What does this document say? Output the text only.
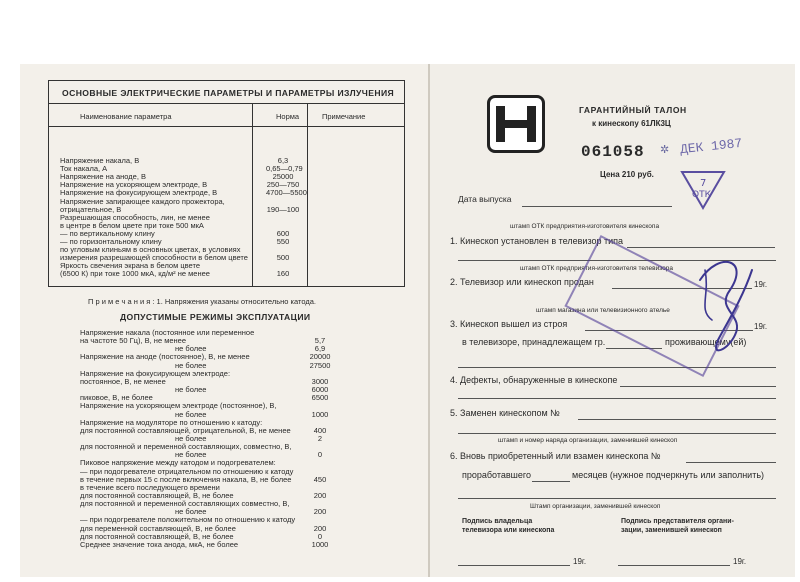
ОСНОВНЫЕ ЭЛЕКТРИЧЕСКИЕ ПАРАМЕТРЫ И ПАРАМЕТРЫ ИЗЛУЧЕНИЯ
Наименование параметра	Норма	Примечание
Напряжение накала, В	6,3
Ток накала, А	0,65—0,79
Напряжение на аноде, В	25000
Напряжение на ускоряющем электроде, В	250—750
Напряжение на фокусирующем электроде, В	4700—5500
Напряжение запирающее каждого прожектора,
отрицательное, В	190—100
Разрешающая способность, лин, не менее
в центре в белом цвете при токе 500 мкА
— по вертикальному клину	600
— по горизонтальному клину	550
по угловым клиньям в основных цветах, в условиях
измерения разрешающей способности в белом цвете	500
Яркость свечения экрана в белом цвете
(6500 К) при токе 1000 мкА, кд/м² не менее	160
П р и м е ч а н и я : 1. Напряжения указаны относительно катода.
ДОПУСТИМЫЕ РЕЖИМЫ ЭКСПЛУАТАЦИИ
Напряжение накала (постоянное или переменное
на частоте 50 Гц), В, не менее	5,7
не более	6,9
Напряжение на аноде (постоянное), В, не менее	20000
не более	27500
Напряжение на фокусирующем электроде:
постоянное, В, не менее	3000
не более	6000
пиковое, В, не более	6500
Напряжение на ускоряющем электроде (постоянное), В,
не более	1000
Напряжение на модуляторе по отношению к катоду:
для постоянной составляющей, отрицательной, В, не менее	400
не более	2
для постоянной и переменной составляющих, совместно, В,
не более	0
Пиковое напряжение между катодом и подогревателем:
— при подогревателе отрицательном по отношению к катоду
в течение первых 15 с после включения накала, В, не более	450
в течение всего последующего времени
для постоянной составляющей, В, не более	200
для постоянной и переменной составляющих совместно, В,
не более	200
— при подогревателе положительном по отношению к катоду
для переменной составляющей, В, не более	200
для постоянной составляющей, В, не более	0
Среднее значение тока анода, мкА, не более	1000
ГАРАНТИЙНЫЙ ТАЛОН
к кинескопу 61ЛК3Ц
061058 ✲ ДЕК 1987
Цена 210 руб.
7
ОТК
Дата выпуска
штамп ОТК предприятия-изготовителя кинескопа
1. Кинескоп установлен в телевизор типа
штамп ОТК предприятия-изготовителя телевизора
2. Телевизор или кинескоп продан	19г.
штамп магазина или телевизионного ателье
3. Кинескоп вышел из строя	19г.
в телевизоре, принадлежащем гр.	проживающему(ей)
4. Дефекты, обнаруженные в кинескопе
5. Заменен кинескопом №
штамп и номер наряда организации, заменившей кинескоп
6. Вновь приобретенный или взамен кинескопа №
проработавшего	месяцев (нужное подчеркнуть или заполнить)
Штамп организации, заменившей кинескоп
Подпись владельца
телевизора или кинескопа
Подпись представителя органи-
зации, заменившей кинескоп
19г.	19г.
